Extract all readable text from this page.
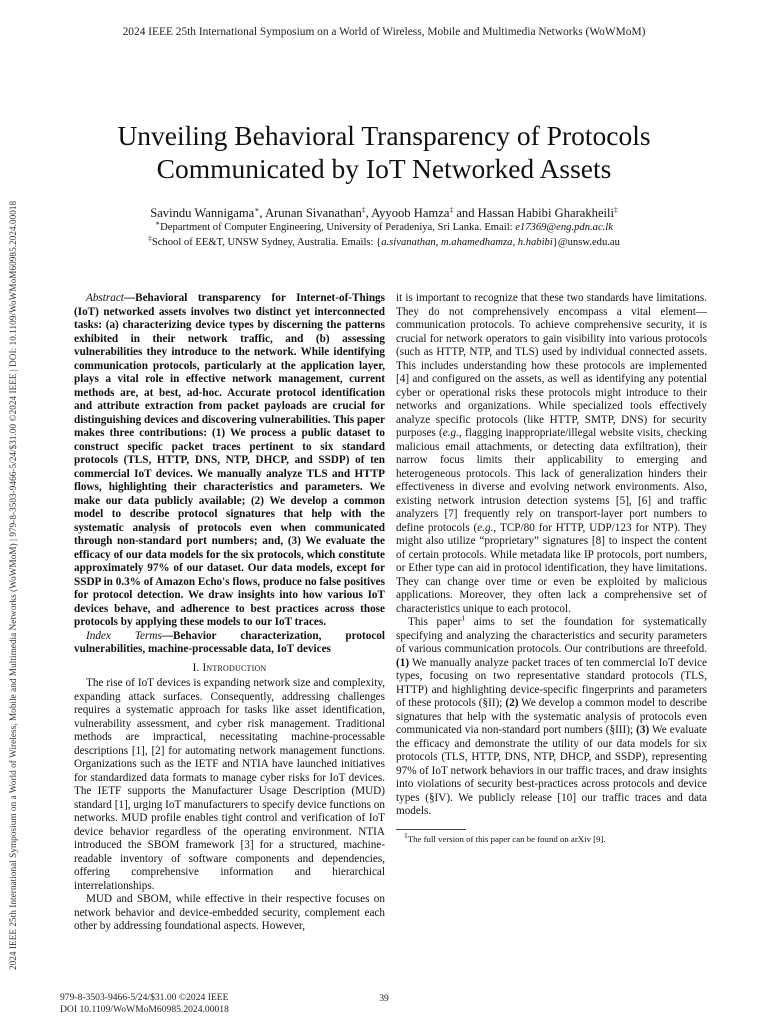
2024 IEEE 25th International Symposium on a World of Wireless, Mobile and Multimedia Networks (WoWMoM)
2024 IEEE 25th International Symposium on a World of Wireless, Mobile and Multimedia Networks (WoWMoM) | 979-8-3503-9466-5/24/$31.00 ©2024 IEEE | DOI: 10.1109/WoWMoM60985.2024.00018
Unveiling Behavioral Transparency of Protocols Communicated by IoT Networked Assets
Savindu Wannigama∗, Arunan Sivanathan‡, Ayyoob Hamza‡ and Hassan Habibi Gharakheili‡
∗Department of Computer Engineering, University of Peradeniya, Sri Lanka. Email: e17369@eng.pdn.ac.lk
‡School of EE&T, UNSW Sydney, Australia. Emails: {a.sivanathan, m.ahamedhamza, h.habibi}@unsw.edu.au

Abstract—Behavioral transparency for Internet-of-Things (IoT) networked assets involves two distinct yet interconnected tasks: (a) characterizing device types by discerning the patterns exhibited in their network traffic, and (b) assessing vulnerabilities they introduce to the network. While identifying communication protocols, particularly at the application layer, plays a vital role in effective network management, current methods are, at best, ad-hoc. Accurate protocol identification and attribute extraction from packet payloads are crucial for distinguishing devices and discovering vulnerabilities. This paper makes three contributions: (1) We process a public dataset to construct specific packet traces pertinent to six standard protocols (TLS, HTTP, DNS, NTP, DHCP, and SSDP) of ten commercial IoT devices. We manually analyze TLS and HTTP flows, highlighting their characteristics and parameters. We make our data publicly available; (2) We develop a common model to describe protocol signatures that help with the systematic analysis of protocols even when communicated through non-standard port numbers; and, (3) We evaluate the efficacy of our data models for the six protocols, which constitute approximately 97% of our dataset. Our data models, except for SSDP in 0.3% of Amazon Echo's flows, produce no false positives for protocol detection. We draw insights into how various IoT devices behave, and adherence to best practices across those protocols by applying these models to our IoT traces.

Index Terms—Behavior characterization, protocol vulnerabilities, machine-processable data, IoT devices

I. Introduction

The rise of IoT devices is expanding network size and complexity, expanding attack surfaces. Consequently, addressing challenges requires a systematic approach for tasks like asset identification, vulnerability assessment, and cyber risk management. Traditional methods are impractical, necessitating machine-processable descriptions [1], [2] for automating network management functions. Organizations such as the IETF and NTIA have launched initiatives for standardized data formats to manage cyber risks for IoT devices. The IETF supports the Manufacturer Usage Description (MUD) standard [1], urging IoT manufacturers to specify device functions on networks. MUD profile enables tight control and verification of IoT device behavior regardless of the operating environment. NTIA introduced the SBOM framework [3] for a structured, machine-readable inventory of software components and dependencies, offering comprehensive information and hierarchical interrelationships.

MUD and SBOM, while effective in their respective focuses on network behavior and device-embedded security, complement each other by addressing foundational aspects. However,

it is important to recognize that these two standards have limitations. They do not comprehensively encompass a vital element—communication protocols. To achieve comprehensive security, it is crucial for network operators to gain visibility into various protocols (such as HTTP, NTP, and TLS) used by individual connected assets. This includes understanding how these protocols are implemented [4] and configured on the assets, as well as identifying any potential cyber or operational risks these protocols might introduce to their networks and organizations. While specialized tools effectively analyze specific protocols (like HTTP, SMTP, DNS) for security purposes (e.g., flagging inappropriate/illegal website visits, checking malicious email attachments, or detecting data exfiltration), their narrow focus limits their applicability to emerging and heterogeneous protocols. This lack of generalization hinders their effectiveness in diverse and evolving network environments. Also, existing network intrusion detection systems [5], [6] and traffic analyzers [7] frequently rely on transport-layer port numbers to define protocols (e.g., TCP/80 for HTTP, UDP/123 for NTP). They might also utilize “proprietary” signatures [8] to inspect the content of certain protocols. While metadata like IP protocols, port numbers, or Ether type can aid in protocol identification, they have limitations. They can change over time or even be exploited by malicious applications. Moreover, they often lack a comprehensive set of characteristics unique to each protocol.

This paper$^1$ aims to set the foundation for systematically specifying and analyzing the characteristics and security parameters of various communication protocols. Our contributions are threefold. (1) We manually analyze packet traces of ten commercial IoT device types, focusing on two representative standard protocols (TLS, HTTP) and highlighting device-specific fingerprints and parameters of these protocols (§II); (2) We develop a common model to describe signatures that help with the systematic analysis of protocols even communicated via non-standard port numbers (§III); (3) We evaluate the efficacy and demonstrate the utility of our data models for six protocols (TLS, HTTP, DNS, NTP, DHCP, and SSDP), representing 97% of IoT network behaviors in our traffic traces, and draw insights into violations of security best-practices across protocols and device types (§IV). We publicly release [10] our traffic traces and data models.

$^1$The full version of this paper can be found on arXiv [9].
979-8-3503-9466-5/24/$31.00 ©2024 IEEE
DOI 10.1109/WoWMoM60985.2024.00018
39
